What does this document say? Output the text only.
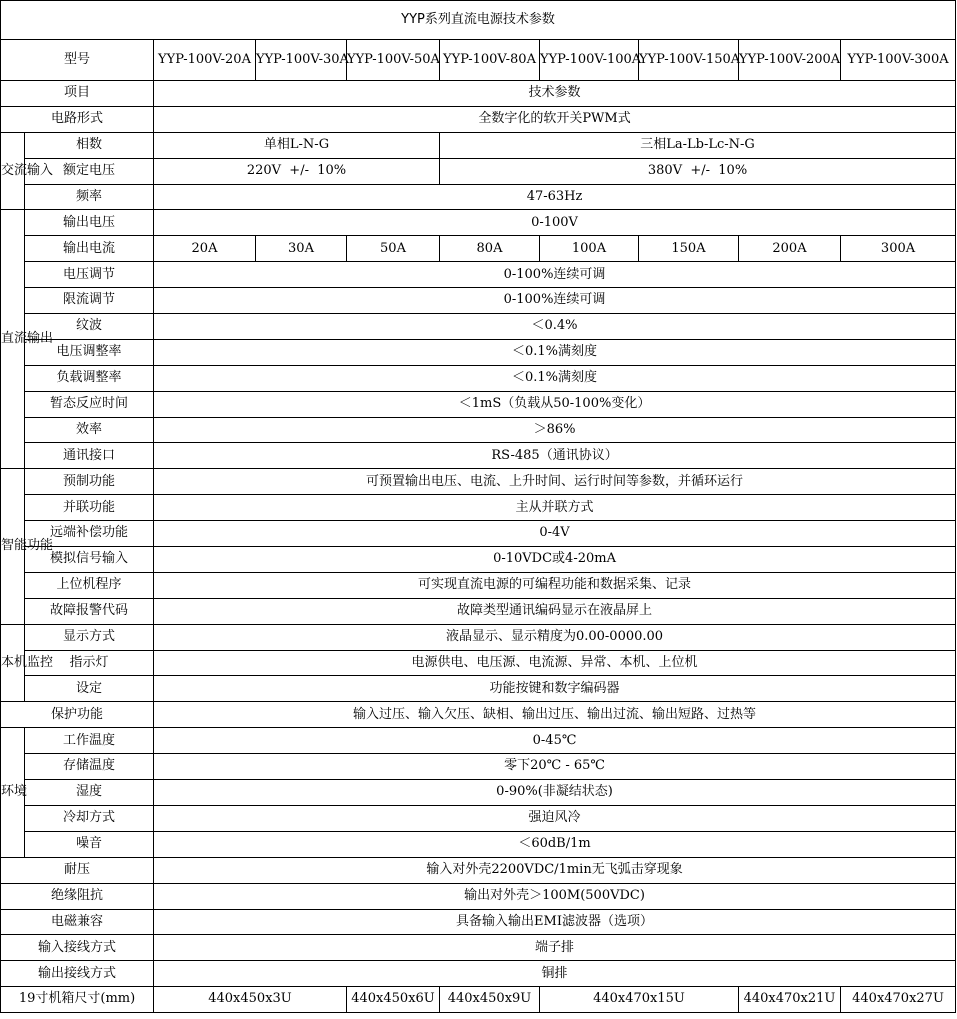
YYP系列直流电源技术参数									
型号		YYP-100V-20A	YYP-100V-30A	YYP-100V-50A	YYP-100V-80A	YYP-100V-100A	YYP-100V-150A	YYP-100V-200A	YYP-100V-300A
项目		技术参数							
电路形式		全数字化的软开关PWM式							
交流输入	相数	单相L-N-G			三相La-Lb-Lc-N-G				
	额定电压	220V  +/-  10%			380V  +/-  10%				
	频率	47-63Hz							
直流输出	输出电压	0-100V							
	输出电流	20A	30A	50A	80A	100A	150A	200A	300A
	电压调节	0-100%连续可调							
	限流调节	0-100%连续可调							
	纹波	＜0.4%							
	电压调整率	＜0.1%满刻度							
	负载调整率	＜0.1%满刻度							
	暂态反应时间	＜1mS（负载从50-100%变化）							
	效率	＞86%							
	通讯接口	RS-485（通讯协议）							
智能功能	预制功能	可预置输出电压、电流、上升时间、运行时间等参数，并循环运行							
	并联功能	主从并联方式							
	远端补偿功能	0-4V							
	模拟信号输入	0-10VDC或4-20mA							
	上位机程序	可实现直流电源的可编程功能和数据采集、记录							
	故障报警代码	故障类型通讯编码显示在液晶屏上							
本机监控	显示方式	液晶显示、显示精度为0.00-0000.00							
	指示灯	电源供电、电压源、电流源、异常、本机、上位机							
	设定	功能按键和数字编码器							
保护功能		输入过压、输入欠压、缺相、输出过压、输出过流、输出短路、过热等							
环境	工作温度	0-45℃							
	存储温度	零下20℃ - 65℃							
	湿度	0-90%(非凝结状态)							
	冷却方式	强迫风冷							
	噪音	＜60dB/1m							
耐压		输入对外壳2200VDC/1min无飞弧击穿现象							
绝缘阻抗		输出对外壳＞100M(500VDC)							
电磁兼容		具备输入输出EMI滤波器（选项）							
输入接线方式		端子排							
输出接线方式		铜排							
19寸机箱尺寸(mm)		440x450x3U		440x450x6U	440x450x9U	440x470x15U		440x470x21U	440x470x27U
